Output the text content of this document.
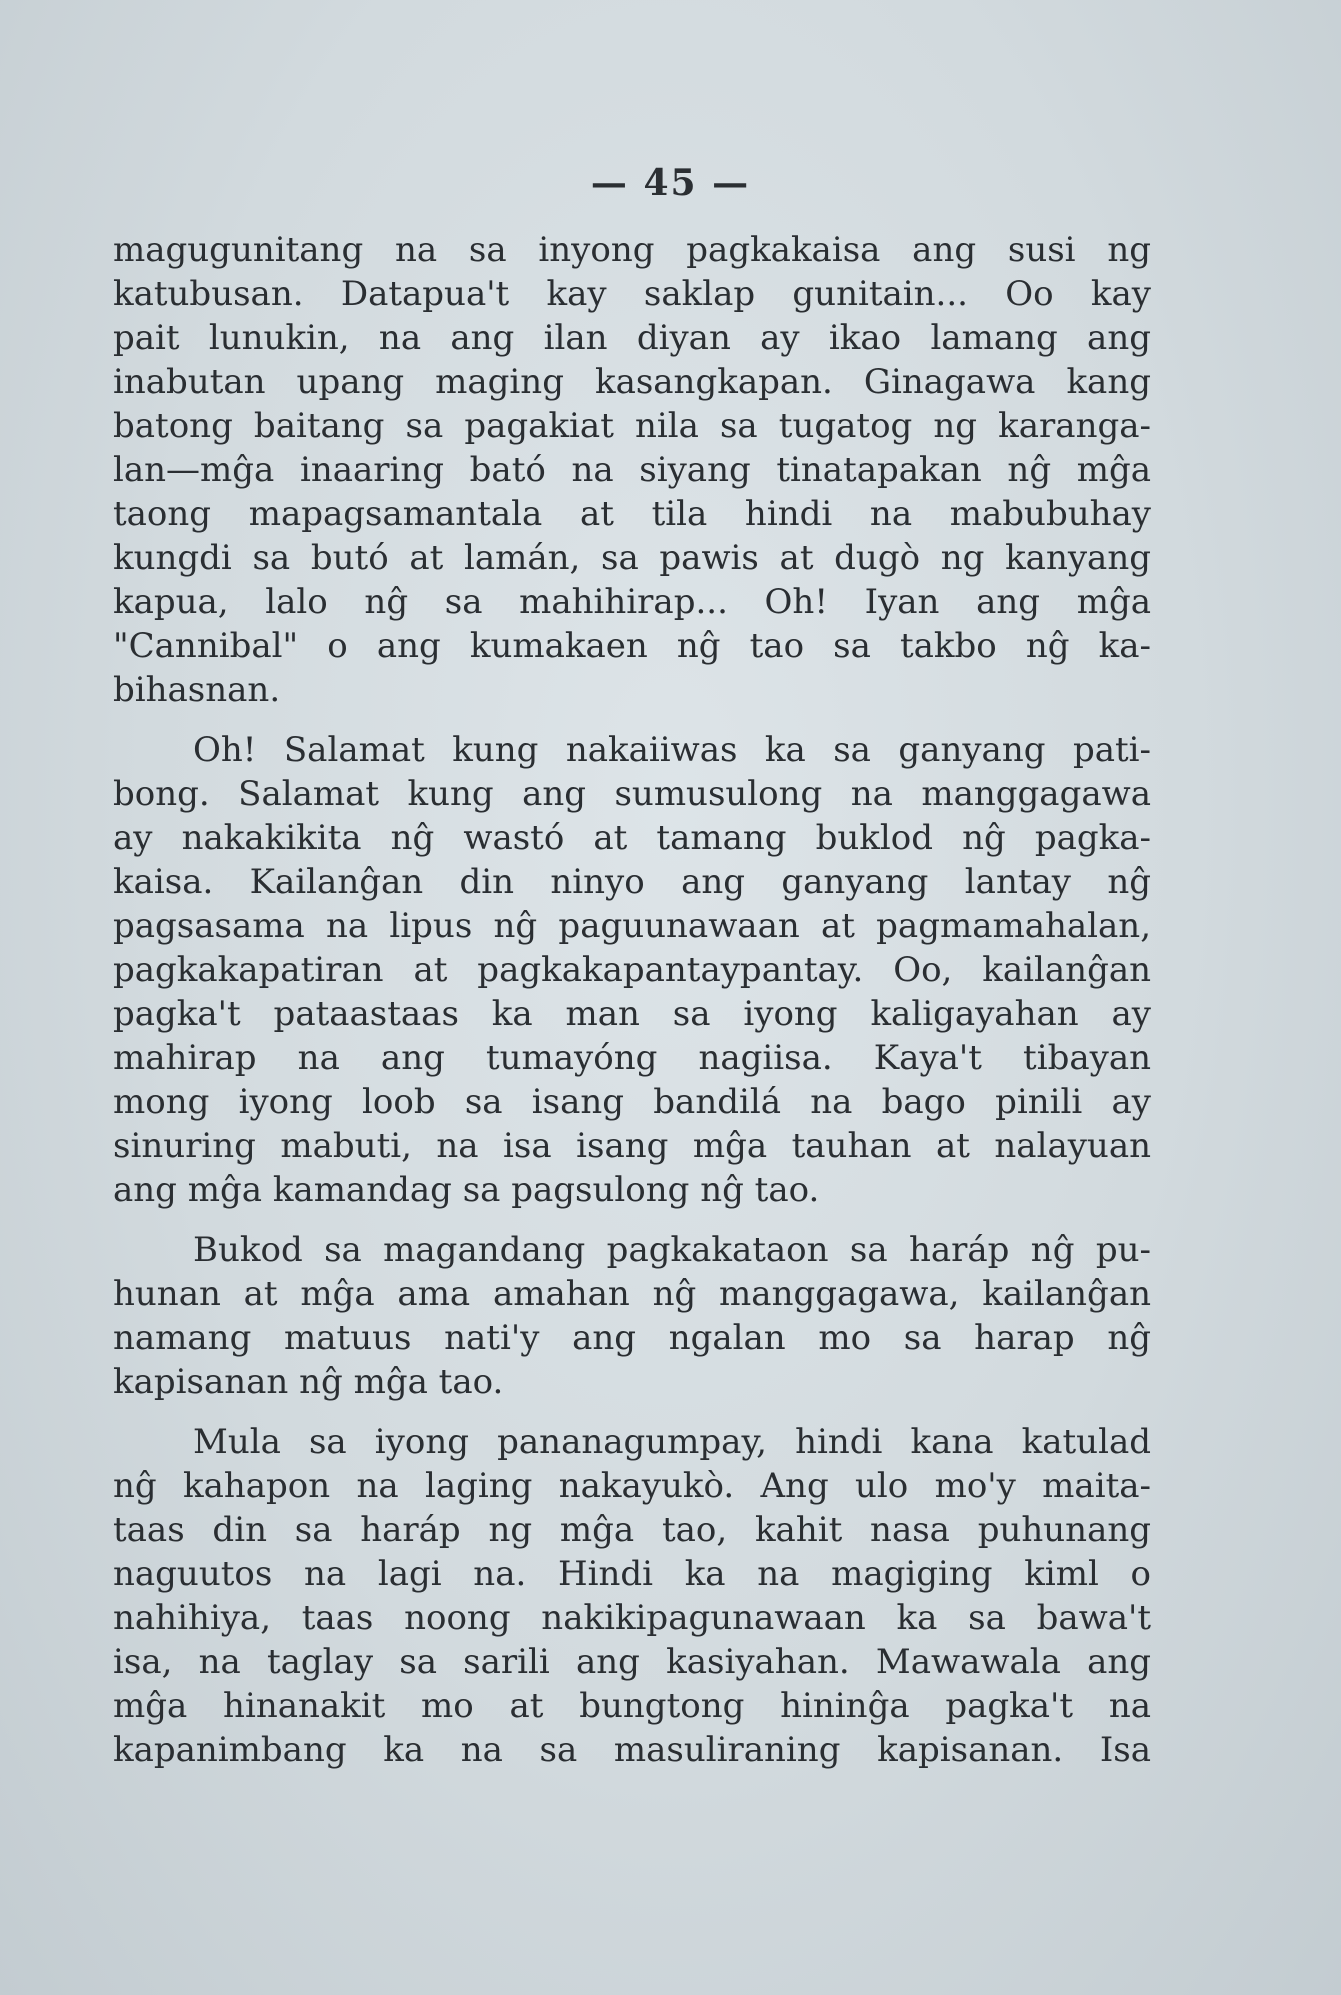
— 45 —
magugunitang na sa inyong pagkakaisa ang susi ng
katubusan. Datapua't kay saklap gunitain... Oo kay
pait lunukin, na ang ilan diyan ay ikao lamang ang
inabutan upang maging kasangkapan. Ginagawa kang
batong baitang sa pagakiat nila sa tugatog ng karanga-
lan—mĝa inaaring bató na siyang tinatapakan nĝ mĝa
taong mapagsamantala at tila hindi na mabubuhay
kungdi sa butó at lamán, sa pawis at dugò ng kanyang
kapua, lalo nĝ sa mahihirap... Oh! Iyan ang mĝa
"Cannibal" o ang kumakaen nĝ tao sa takbo nĝ ka-
bihasnan.
Oh! Salamat kung nakaiiwas ka sa ganyang pati-
bong. Salamat kung ang sumusulong na manggagawa
ay nakakikita nĝ wastó at tamang buklod nĝ pagka-
kaisa. Kailanĝan din ninyo ang ganyang lantay nĝ
pagsasama na lipus nĝ paguunawaan at pagmamahalan,
pagkakapatiran at pagkakapantaypantay. Oo, kailanĝan
pagka't pataastaas ka man sa iyong kaligayahan ay
mahirap na ang tumayóng nagiisa. Kaya't tibayan
mong iyong loob sa isang bandilá na bago pinili ay
sinuring mabuti, na isa isang mĝa tauhan at nalayuan
ang mĝa kamandag sa pagsulong nĝ tao.
Bukod sa magandang pagkakataon sa haráp nĝ pu-
hunan at mĝa ama amahan nĝ manggagawa, kailanĝan
namang matuus nati'y ang ngalan mo sa harap nĝ
kapisanan nĝ mĝa tao.
Mula sa iyong pananagumpay, hindi kana katulad
nĝ kahapon na laging nakayukò. Ang ulo mo'y maita-
taas din sa haráp ng mĝa tao, kahit nasa puhunang
naguutos na lagi na. Hindi ka na magiging kiml o
nahihiya, taas noong nakikipagunawaan ka sa bawa't
isa, na taglay sa sarili ang kasiyahan. Mawawala ang
mĝa hinanakit mo at bungtong hininĝa pagka't na
kapanimbang ka na sa masuliraning kapisanan. Isa
